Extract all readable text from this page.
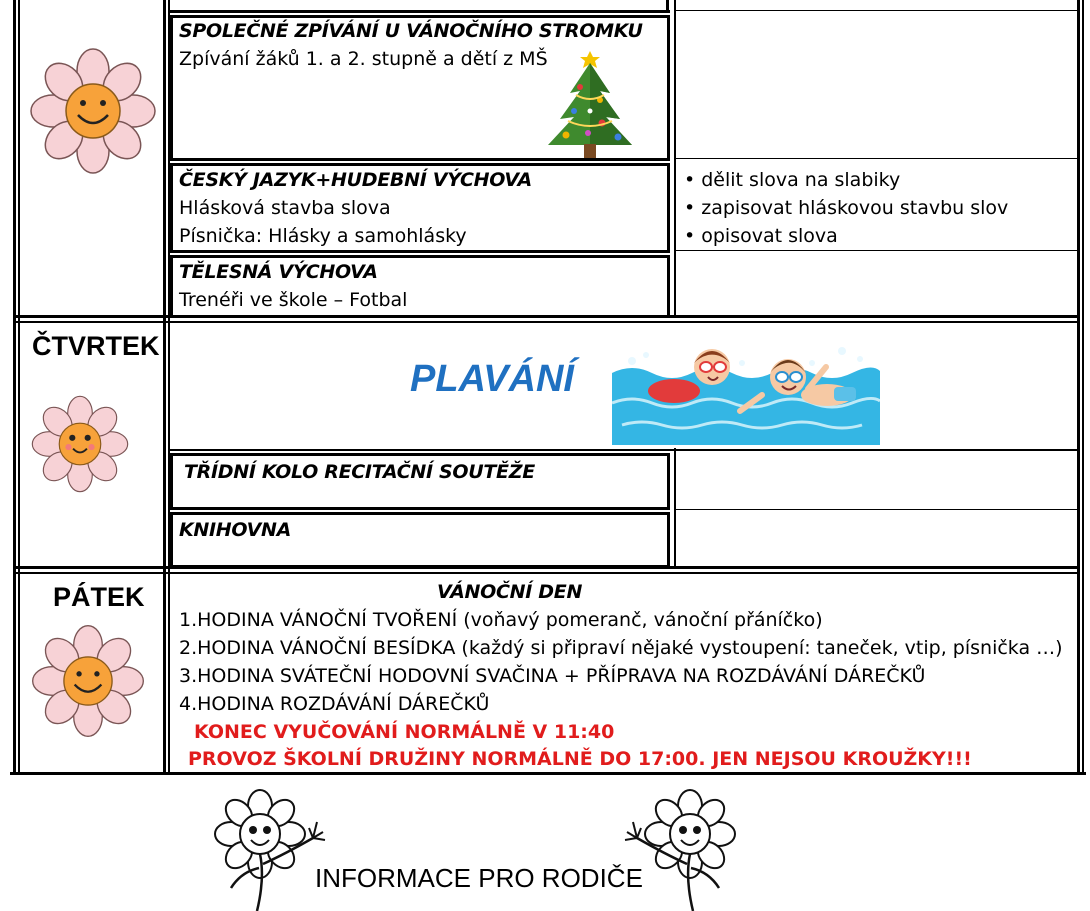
SPOLEČNÉ ZPÍVÁNÍ U VÁNOČNÍHO STROMKU
Zpívání žáků 1. a 2. stupně a dětí z MŠ
ČESKÝ JAZYK+HUDEBNÍ VÝCHOVA
Hlásková stavba slova
Písnička: Hlásky a samohlásky
TĚLESNÁ VÝCHOVA
Trenéři ve škole – Fotbal
• dělit slova na slabiky
• zapisovat hláskovou stavbu slov
• opisovat slova
ČTVRTEK
PLAVÁNÍ
TŘÍDNÍ KOLO RECITAČNÍ SOUTĚŽE
KNIHOVNA
PÁTEK	VÁNOČNÍ DEN
1.HODINA VÁNOČNÍ TVOŘENÍ (voňavý pomeranč, vánoční přáníčko)
2.HODINA VÁNOČNÍ BESÍDKA (každý si připraví nějaké vystoupení: taneček, vtip, písnička …)
3.HODINA SVÁTEČNÍ HODOVNÍ SVAČINA + PŘÍPRAVA NA ROZDÁVÁNÍ DÁREČKŮ
4.HODINA ROZDÁVÁNÍ DÁREČKŮ
KONEC VYUČOVÁNÍ NORMÁLNĚ V 11:40
PROVOZ ŠKOLNÍ DRUŽINY NORMÁLNĚ DO 17:00. JEN NEJSOU KROUŽKY!!!
INFORMACE PRO RODIČE
